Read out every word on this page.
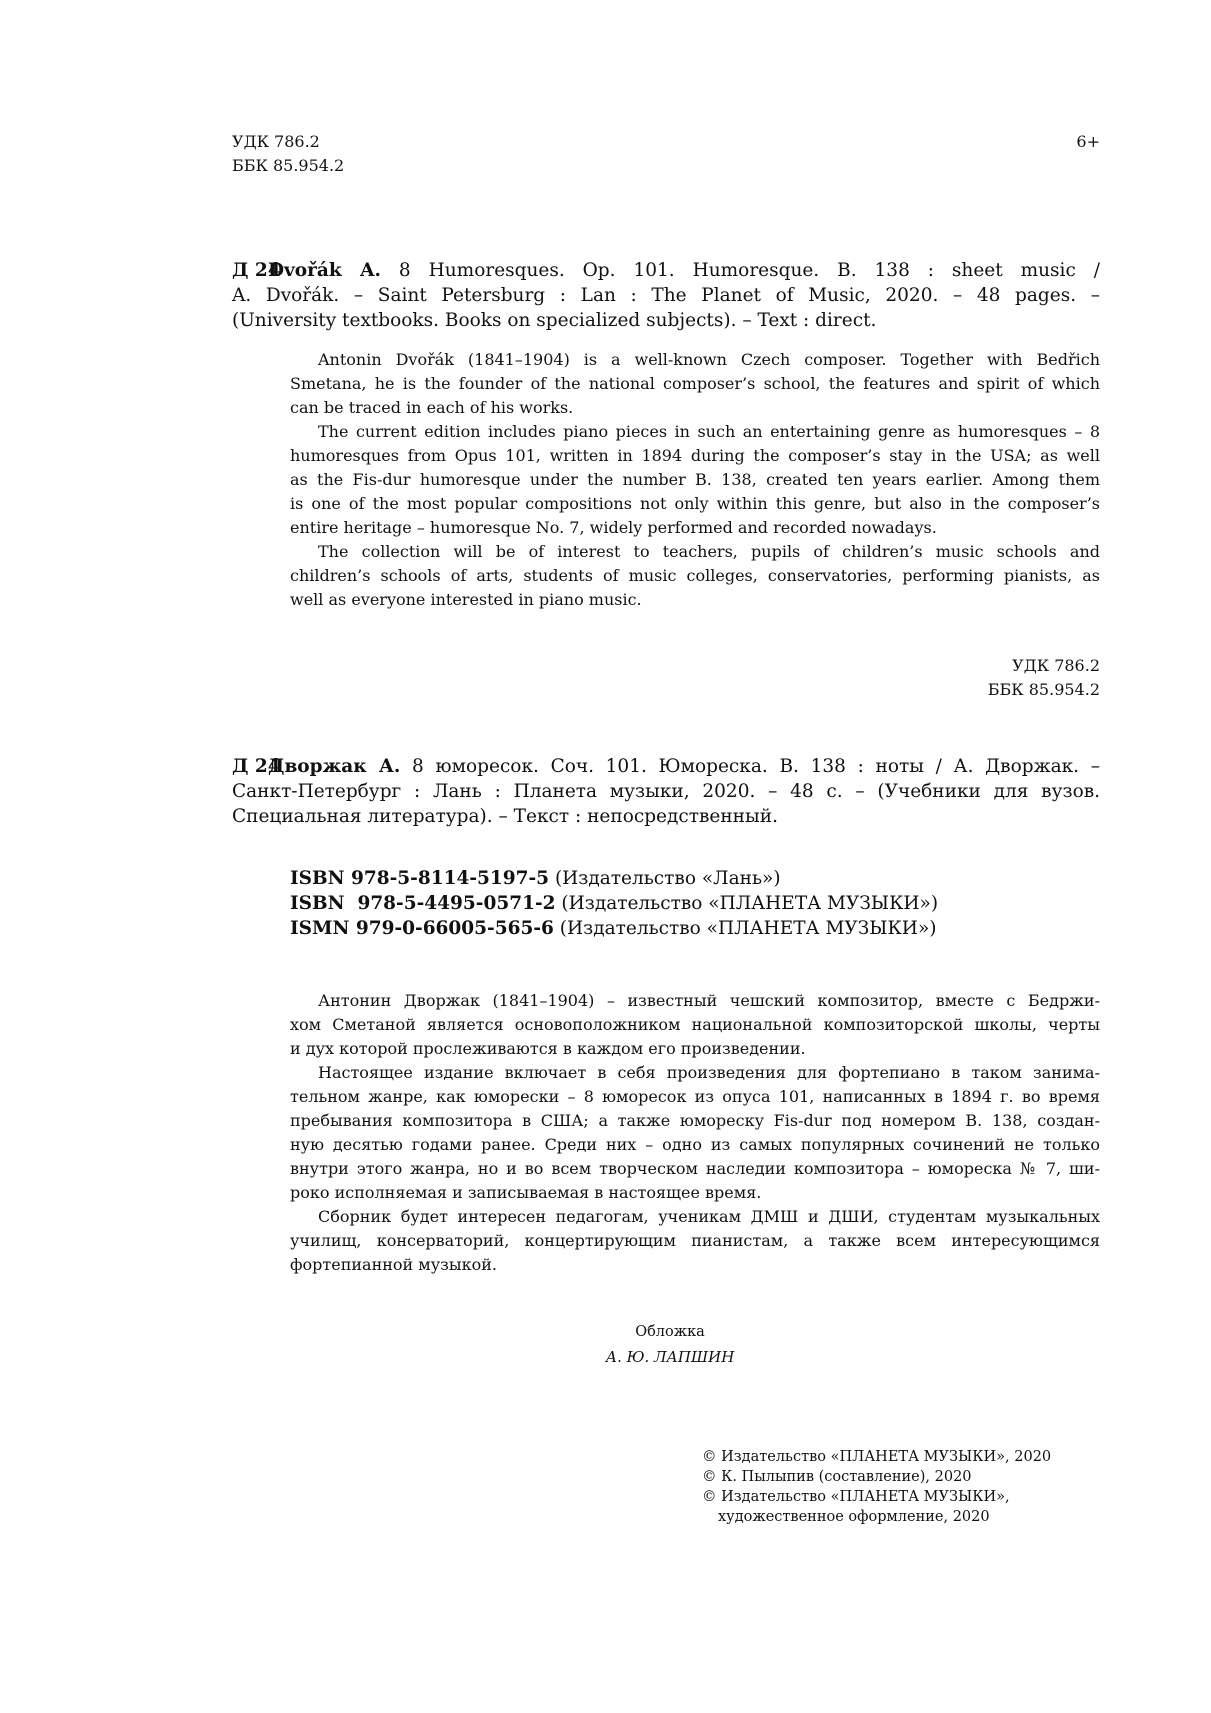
УДК 786.2
ББК 85.954.2
6+
Д 24
Dvořák A. 8 Humoresques. Op. 101. Humoresque. B. 138 : sheet music /
A. Dvořák. – Saint Petersburg : Lan : The Planet of Music, 2020. – 48 pages. –
(University textbooks. Books on specialized subjects). – Text : direct.
Antonin Dvořák (1841–1904) is a well-known Czech composer. Together with Bedřich
Smetana, he is the founder of the national composer’s school, the features and spirit of which
can be traced in each of his works.
The current edition includes piano pieces in such an entertaining genre as humoresques – 8
humoresques from Opus 101, written in 1894 during the composer’s stay in the USA; as well
as the Fis-dur humoresque under the number B. 138, created ten years earlier. Among them
is one of the most popular compositions not only within this genre, but also in the composer’s
entire heritage – humoresque No. 7, widely performed and recorded nowadays.
The collection will be of interest to teachers, pupils of children’s music schools and
children’s schools of arts, students of music colleges, conservatories, performing pianists, as
well as everyone interested in piano music.
УДК 786.2
ББК 85.954.2
Д 24
Дворжак А. 8 юморесок. Соч. 101. Юмореска. B. 138 : ноты / А. Дворжак. –
Санкт-Петербург : Лань : Планета музыки, 2020. – 48 с. – (Учебники для вузов.
Специальная литература). – Текст : непосредственный.
ISBN 978-5-8114-5197-5 (Издательство «Лань»)
ISBN  978-5-4495-0571-2 (Издательство «ПЛАНЕТА МУЗЫКИ»)
ISMN 979-0-66005-565-6 (Издательство «ПЛАНЕТА МУЗЫКИ»)
Антонин Дворжак (1841–1904) – известный чешский композитор, вместе с Бедржи-
хом Сметаной является основоположником национальной композиторской школы, черты
и дух которой прослеживаются в каждом его произведении.
Настоящее издание включает в себя произведения для фортепиано в таком занима-
тельном жанре, как юморески – 8 юморесок из опуса 101, написанных в 1894 г. во время
пребывания композитора в США; а также юмореску Fis-dur под номером B. 138, создан-
ную десятью годами ранее. Среди них – одно из самых популярных сочинений не только
внутри этого жанра, но и во всем творческом наследии композитора – юмореска № 7, ши-
роко исполняемая и записываемая в настоящее время.
Сборник будет интересен педагогам, ученикам ДМШ и ДШИ, студентам музыкальных
училищ, консерваторий, концертирующим пианистам, а также всем интересующимся
фортепианной музыкой.
Обложка
А. Ю. ЛАПШИН
© Издательство «ПЛАНЕТА МУЗЫКИ», 2020
© К. Пылыпив (составление), 2020
© Издательство «ПЛАНЕТА МУЗЫКИ»,
художественное оформление, 2020
